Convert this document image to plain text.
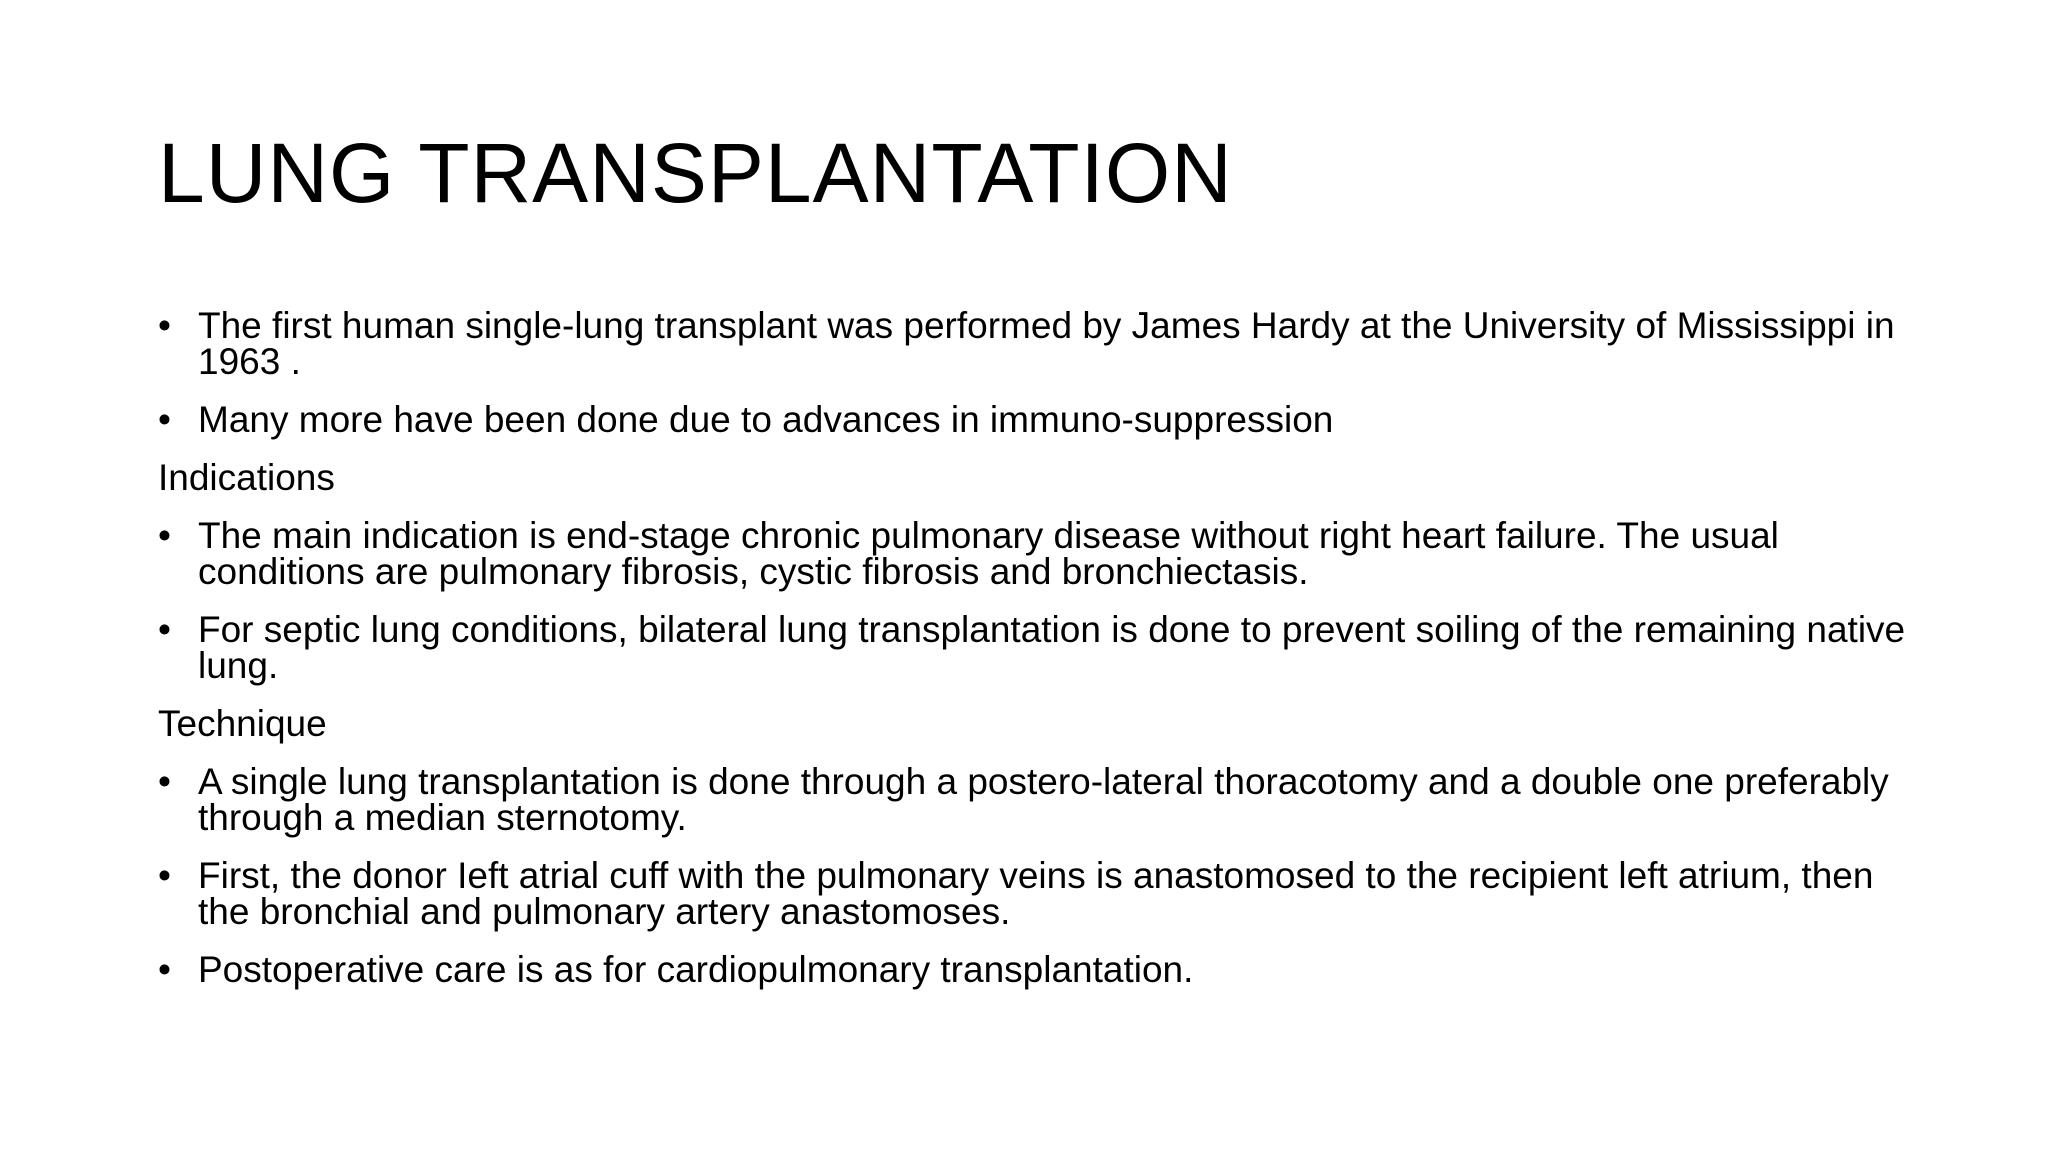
LUNG TRANSPLANTATION
• The first human single-lung transplant was performed by James Hardy at the University of Mississippi in 1963 .
• Many more have been done due to advances in immuno-suppression
Indications
• The main indication is end-stage chronic pulmonary disease without right heart failure. The usual conditions are pulmonary fibrosis, cystic fibrosis and bronchiectasis.
• For septic lung conditions, bilateral lung transplantation is done to prevent soiling of the remaining native lung.
Technique
• A single lung transplantation is done through a postero-lateral thoracotomy and a double one preferably through a median sternotomy.
• First, the donor Ieft atrial cuff with the pulmonary veins is anastomosed to the recipient left atrium, then the bronchial and pulmonary artery anastomoses.
• Postoperative care is as for cardiopulmonary transplantation.
